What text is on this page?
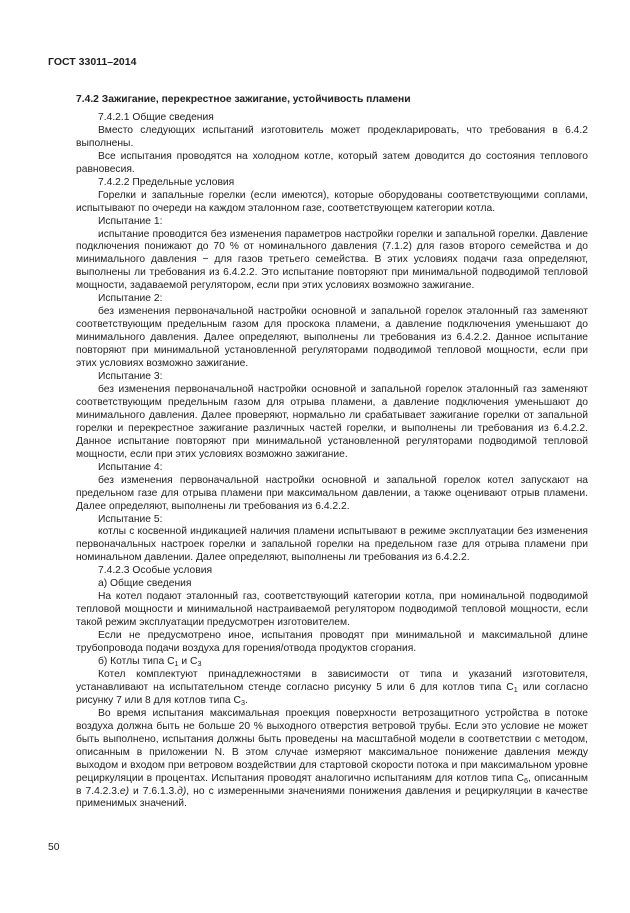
ГОСТ 33011–2014
7.4.2 Зажигание, перекрестное зажигание, устойчивость пламени

7.4.2.1 Общие сведения

Вместо следующих испытаний изготовитель может продекларировать, что требования в 6.4.2 выполнены.

Все испытания проводятся на холодном котле, который затем доводится до состояния теплового равновесия.

7.4.2.2 Предельные условия

Горелки и запальные горелки (если имеются), которые оборудованы соответствующими соплами, испытывают по очереди на каждом эталонном газе, соответствующем категории котла.

Испытание 1:

испытание проводится без изменения параметров настройки горелки и запальной горелки. Давление подключения понижают до 70 % от номинального давления (7.1.2) для газов второго семейства и до минимального давления − для газов третьего семейства. В этих условиях подачи газа определяют, выполнены ли требования из 6.4.2.2. Это испытание повторяют при минимальной подводимой тепловой мощности, задаваемой регулятором, если при этих условиях возможно зажигание.

Испытание 2:

без изменения первоначальной настройки основной и запальной горелок эталонный газ заменяют соответствующим предельным газом для проскока пламени, а давление подключения уменьшают до минимального давления. Далее определяют, выполнены ли требования из 6.4.2.2. Данное испытание повторяют при минимальной установленной регуляторами подводимой тепловой мощности, если при этих условиях возможно зажигание.

Испытание 3:

без изменения первоначальной настройки основной и запальной горелок эталонный газ заменяют соответствующим предельным газом для отрыва пламени, а давление подключения уменьшают до минимального давления. Далее проверяют, нормально ли срабатывает зажигание горелки от запальной горелки и перекрестное зажигание различных частей горелки, и выполнены ли требования из 6.4.2.2. Данное испытание повторяют при минимальной установленной регуляторами подводимой тепловой мощности, если при этих условиях возможно зажигание.

Испытание 4:

без изменения первоначальной настройки основной и запальной горелок котел запускают на предельном газе для отрыва пламени при максимальном давлении, а также оценивают отрыв пламени. Далее определяют, выполнены ли требования из 6.4.2.2.

Испытание 5:

котлы с косвенной индикацией наличия пламени испытывают в режиме эксплуатации без изменения первоначальных настроек горелки и запальной горелки на предельном газе для отрыва пламени при номинальном давлении. Далее определяют, выполнены ли требования из 6.4.2.2.

7.4.2.3 Особые условия

а) Общие сведения

На котел подают эталонный газ, соответствующий категории котла, при номинальной подводимой тепловой мощности и минимальной настраиваемой регулятором подводимой тепловой мощности, если такой режим эксплуатации предусмотрен изготовителем.

Если не предусмотрено иное, испытания проводят при минимальной и максимальной длине трубопровода подачи воздуха для горения/отвода продуктов сгорания.

б) Котлы типа $C_1$ и $C_3$

Котел комплектуют принадлежностями в зависимости от типа и указаний изготовителя, устанавливают на испытательном стенде согласно рисунку 5 или 6 для котлов типа $C_1$ или согласно рисунку 7 или 8 для котлов типа $C_3$.

Во время испытания максимальная проекция поверхности ветрозащитного устройства в потоке воздуха должна быть не больше 20 % выходного отверстия ветровой трубы. Если это условие не может быть выполнено, испытания должны быть проведены на масштабной модели в соответствии с методом, описанным в приложении N. В этом случае измеряют максимальное понижение давления между выходом и входом при ветровом воздействии для стартовой скорости потока и при максимальном уровне рециркуляции в процентах. Испытания проводят аналогично испытаниям для котлов типа $C_6$, описанным в 7.4.2.3.е) и 7.6.1.3.д), но с измеренными значениями понижения давления и рециркуляции в качестве применимых значений.

50
